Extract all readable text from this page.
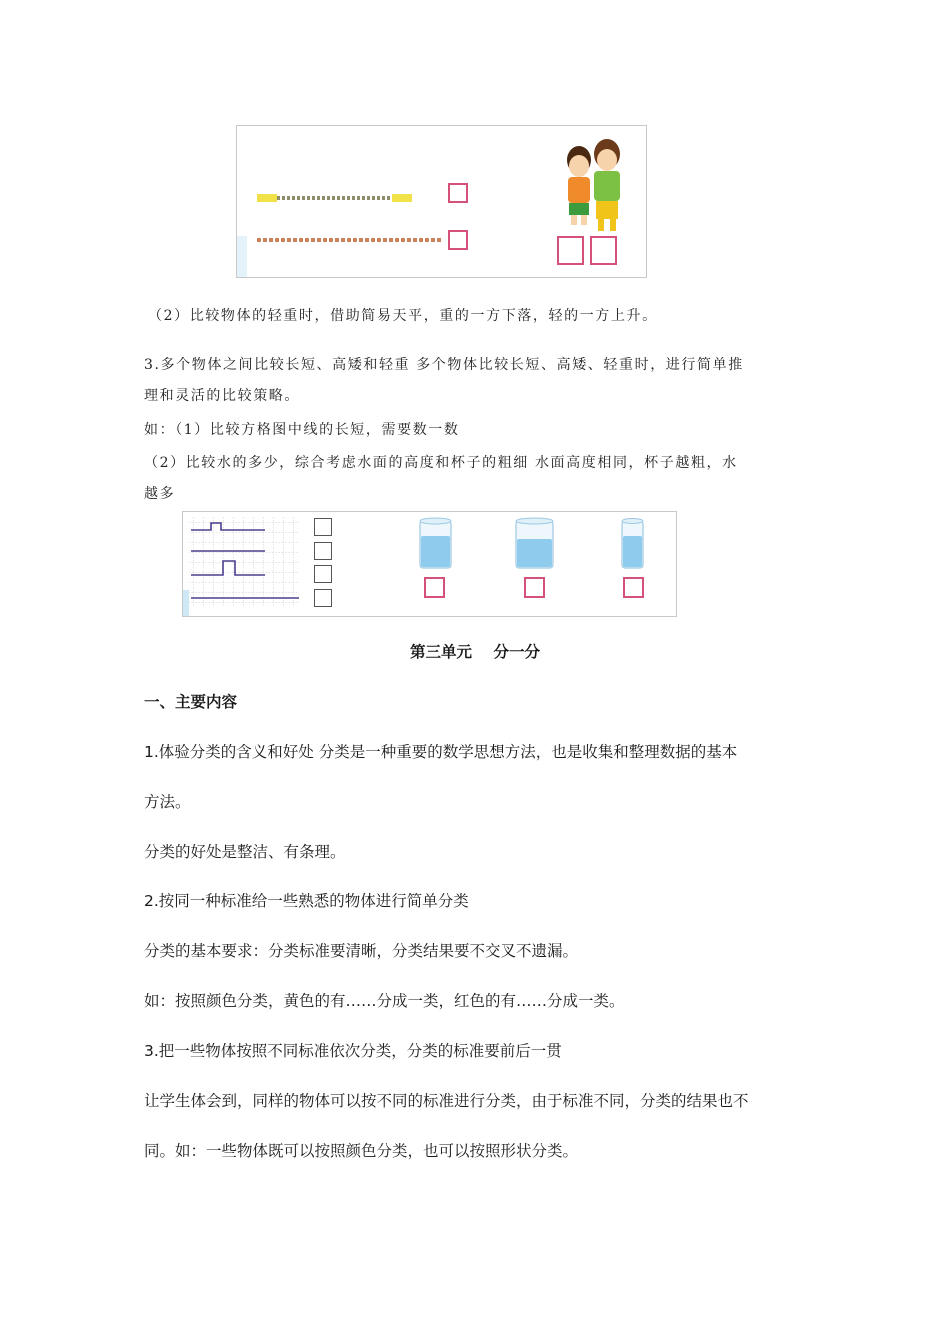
（2）比较物体的轻重时，借助简易天平，重的一方下落，轻的一方上升。
3.多个物体之间比较长短、高矮和轻重 多个物体比较长短、高矮、轻重时，进行简单推
理和灵活的比较策略。
如：（1）比较方格图中线的长短，需要数一数
（2）比较水的多少，综合考虑水面的高度和杯子的粗细 水面高度相同，杯子越粗，水
越多
第三单元    分一分
一、主要内容
1.体验分类的含义和好处 分类是一种重要的数学思想方法，也是收集和整理数据的基本
方法。
分类的好处是整洁、有条理。
2.按同一种标准给一些熟悉的物体进行简单分类
分类的基本要求：分类标准要清晰，分类结果要不交叉不遗漏。
如：按照颜色分类，黄色的有……分成一类，红色的有……分成一类。
3.把一些物体按照不同标准依次分类，分类的标准要前后一贯
让学生体会到，同样的物体可以按不同的标准进行分类，由于标准不同，分类的结果也不
同。如：一些物体既可以按照颜色分类，也可以按照形状分类。
